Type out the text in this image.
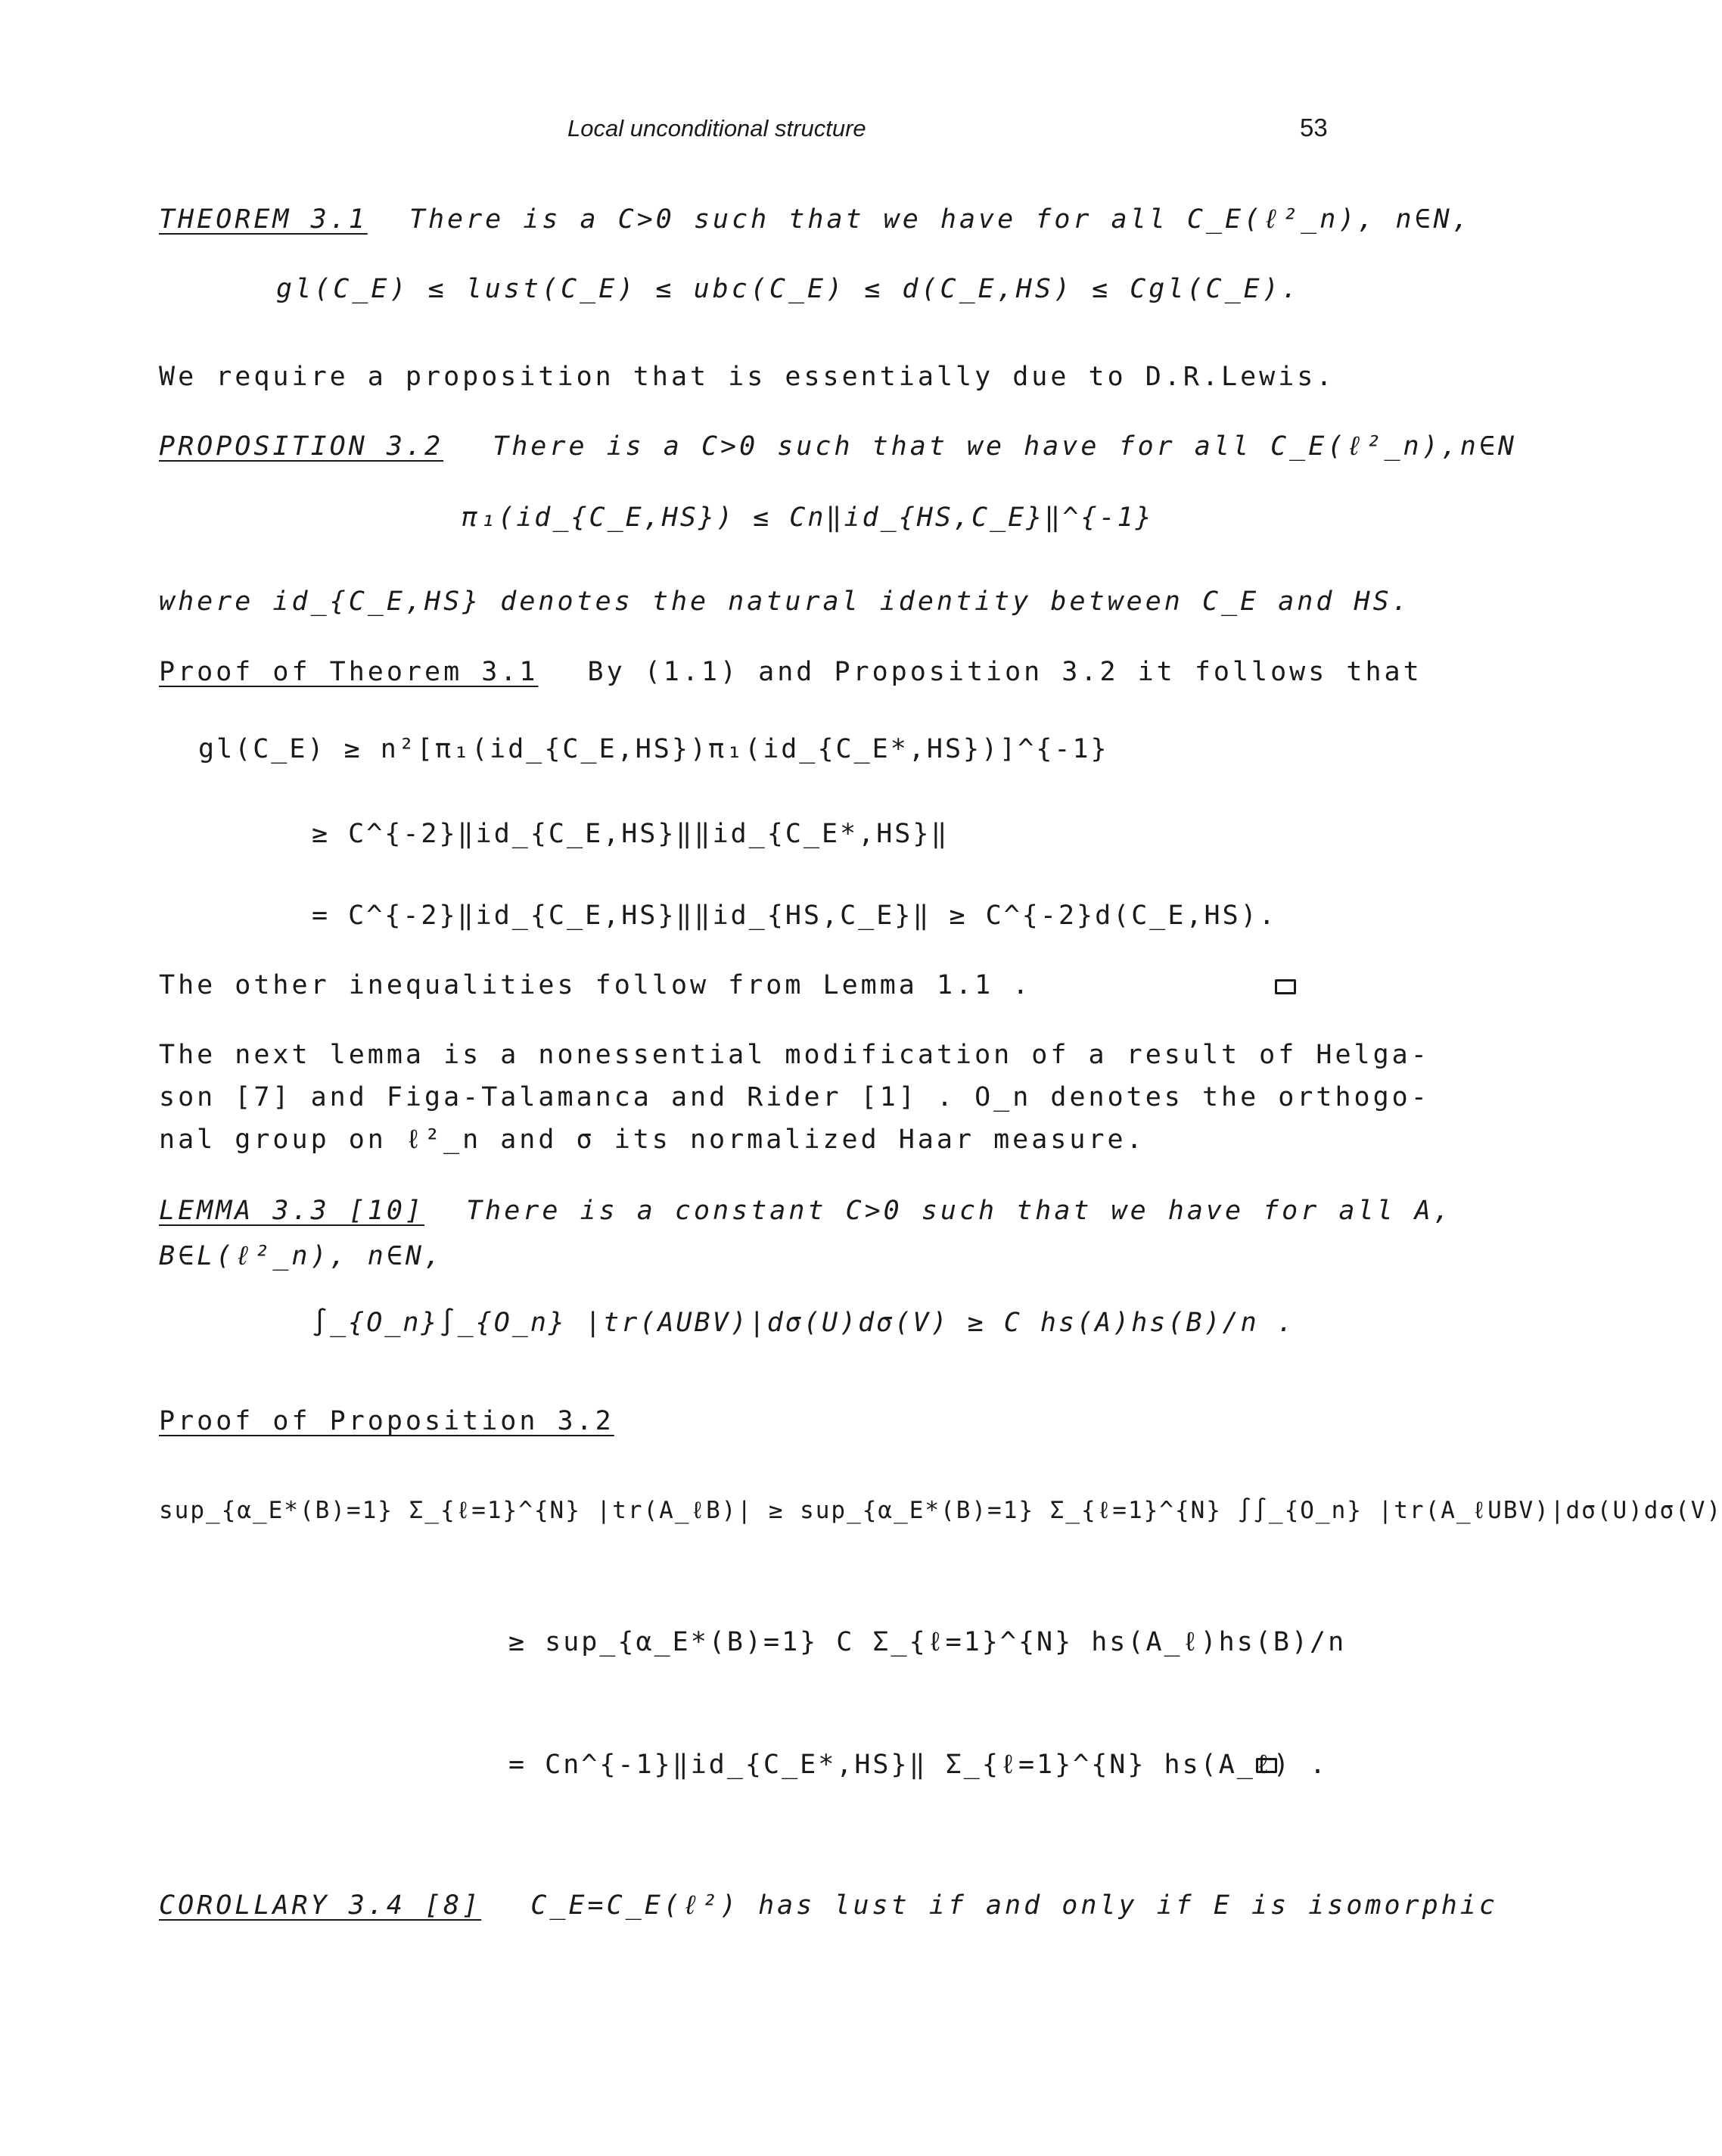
Local unconditional structure	53
THEOREM 3.1 There is a C>0 such that we have for all C_E(ℓ²_n), n∈N,
gl(C_E) ≤ lust(C_E) ≤ ubc(C_E) ≤ d(C_E,HS) ≤ Cgl(C_E).
We require a proposition that is essentially due to D.R.Lewis.
PROPOSITION 3.2 There is a C>0 such that we have for all C_E(ℓ²_n),n∈N
π₁(id_{C_E,HS}) ≤ Cn‖id_{HS,C_E}‖^{-1}
where id_{C_E,HS} denotes the natural identity between C_E and HS.
Proof of Theorem 3.1 By (1.1) and Proposition 3.2 it follows that
gl(C_E) ≥ n²[π₁(id_{C_E,HS})π₁(id_{C_E*,HS})]^{-1}
≥ C^{-2}‖id_{C_E,HS}‖‖id_{C_E*,HS}‖
= C^{-2}‖id_{C_E,HS}‖‖id_{HS,C_E}‖ ≥ C^{-2}d(C_E,HS).
The other inequalities follow from Lemma 1.1 .
The next lemma is a nonessential modification of a result of Helga-
son [7] and Figa-Talamanca and Rider [1] . O_n denotes the orthogo-
nal group on ℓ²_n and σ its normalized Haar measure.
LEMMA 3.3 [10] There is a constant C>0 such that we have for all A,
B∈L(ℓ²_n), n∈N,
∫_{O_n}∫_{O_n} |tr(AUBV)|dσ(U)dσ(V) ≥ C hs(A)hs(B)/n .
Proof of Proposition 3.2
sup_{α_E*(B)=1} Σ_{ℓ=1}^{N} |tr(A_ℓB)| ≥ sup_{α_E*(B)=1} Σ_{ℓ=1}^{N} ∫∫_{O_n} |tr(A_ℓUBV)|dσ(U)dσ(V)
≥ sup_{α_E*(B)=1} C Σ_{ℓ=1}^{N} hs(A_ℓ)hs(B)/n
= Cn^{-1}‖id_{C_E*,HS}‖ Σ_{ℓ=1}^{N} hs(A_ℓ) .
COROLLARY 3.4 [8] C_E=C_E(ℓ²) has lust if and only if E is isomorphic
